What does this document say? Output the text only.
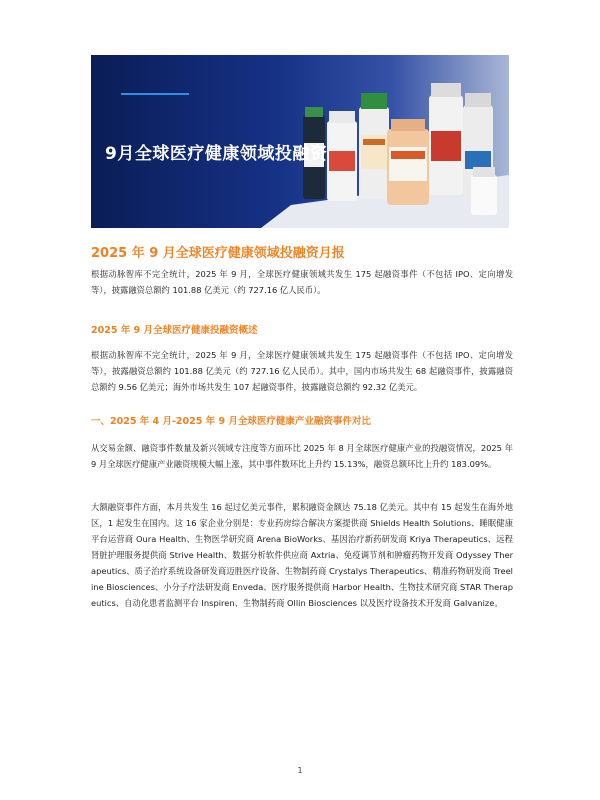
9月全球医疗健康领域投融资
2025 年 9 月全球医疗健康领域投融资月报
根据动脉智库不完全统计，2025 年 9 月，全球医疗健康领域共发生 175 起融资事件（不包括 IPO、定向增发等），披露融资总额约 101.88 亿美元（约 727.16 亿人民币）。
2025 年 9 月全球医疗健康投融资概述
根据动脉智库不完全统计，2025 年 9 月，全球医疗健康领域共发生 175 起融资事件（不包括 IPO、定向增发等），披露融资总额约 101.88 亿美元（约 727.16 亿人民币）。其中，国内市场共发生 68 起融资事件，披露融资总额约 9.56 亿美元；海外市场共发生 107 起融资事件，披露融资总额约 92.32 亿美元。
一、2025 年 4 月-2025 年 9 月全球医疗健康产业融资事件对比
从交易金额、融资事件数量及新兴领域专注度等方面环比 2025 年 8 月全球医疗健康产业的投融资情况，2025 年 9 月全球医疗健康产业融资规模大幅上涨，其中事件数环比上升约 15.13%，融资总额环比上升约 183.09%。
大额融资事件方面，本月共发生 16 起过亿美元事件，累积融资金额达 75.18 亿美元。其中有 15 起发生在海外地区，1 起发生在国内。这 16 家企业分别是：专业药房综合解决方案提供商 Shields Health Solutions、睡眠健康平台运营商 Oura Health、生物医学研究商 Arena BioWorks、基因治疗新药研发商 Kriya Therapeutics、远程肾脏护理服务提供商 Strive Health、数据分析软件供应商 Axtria、免疫调节剂和肿瘤药物开发商 Odyssey Therapeutics、质子治疗系统设备研发商迈胜医疗设备、生物制药商 Crystalys Therapeutics、精准药物研发商 Treeline Biosciences、小分子疗法研发商 Enveda、医疗服务提供商 Harbor Health、生物技术研究商 STAR Therapeutics、自动化患者监测平台 Inspiren、生物制药商 Ollin Biosciences 以及医疗设备技术开发商 Galvanize。
1
